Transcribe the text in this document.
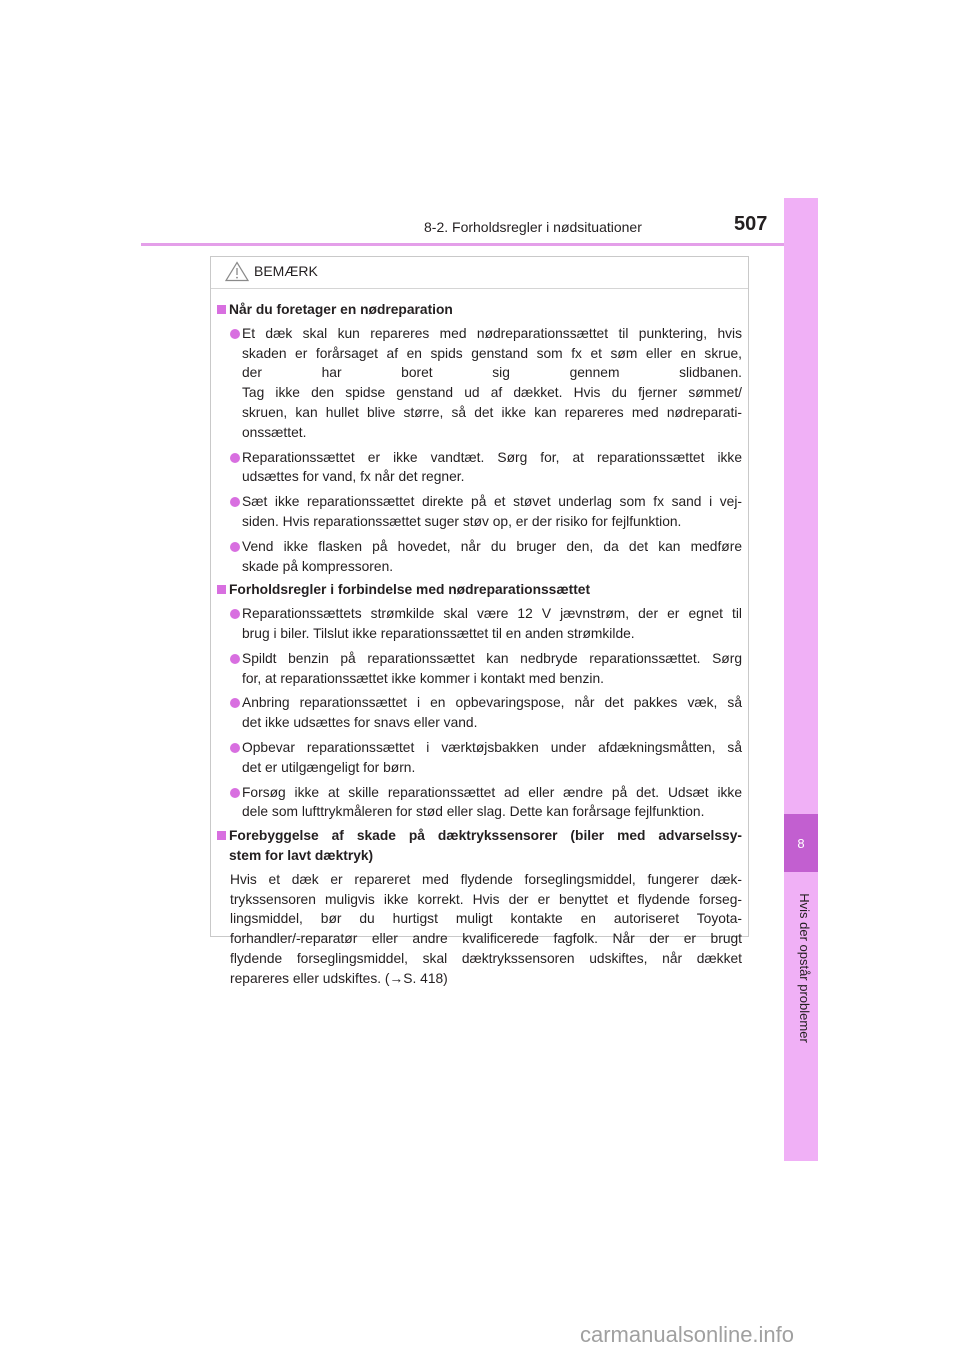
8-2. Forholdsregler i nødsituationer	507
8
Hvis der opstår problemer
BEMÆRK

Når du foretager en nødreparation

Et dæk skal kun repareres med nødreparationssættet til punktering, hvis
skaden er forårsaget af en spids genstand som fx et søm eller en skrue,
der har boret sig gennem slidbanen.
Tag ikke den spidse genstand ud af dækket. Hvis du fjerner sømmet/
skruen, kan hullet blive større, så det ikke kan repareres med nødreparati-
onssættet.

Reparationssættet er ikke vandtæt. Sørg for, at reparationssættet ikke
udsættes for vand, fx når det regner.

Sæt ikke reparationssættet direkte på et støvet underlag som fx sand i vej-
siden. Hvis reparationssættet suger støv op, er der risiko for fejlfunktion.

Vend ikke flasken på hovedet, når du bruger den, da det kan medføre
skade på kompressoren.

Forholdsregler i forbindelse med nødreparationssættet

Reparationssættets strømkilde skal være 12 V jævnstrøm, der er egnet til
brug i biler. Tilslut ikke reparationssættet til en anden strømkilde.

Spildt benzin på reparationssættet kan nedbryde reparationssættet. Sørg
for, at reparationssættet ikke kommer i kontakt med benzin.

Anbring reparationssættet i en opbevaringspose, når det pakkes væk, så
det ikke udsættes for snavs eller vand.

Opbevar reparationssættet i værktøjsbakken under afdækningsmåtten, så
det er utilgængeligt for børn.

Forsøg ikke at skille reparationssættet ad eller ændre på det. Udsæt ikke
dele som lufttrykmåleren for stød eller slag. Dette kan forårsage fejlfunktion.

Forebyggelse af skade på dæktrykssensorer (biler med advarselssy-
stem for lavt dæktryk)

Hvis et dæk er repareret med flydende forseglingsmiddel, fungerer dæk-
trykssensoren muligvis ikke korrekt. Hvis der er benyttet et flydende forseg-
lingsmiddel, bør du hurtigst muligt kontakte en autoriseret Toyota-
forhandler/-reparatør eller andre kvalificerede fagfolk. Når der er brugt
flydende forseglingsmiddel, skal dæktrykssensoren udskiftes, når dækket
repareres eller udskiftes. (→S. 418)

carmanualsonline.info
